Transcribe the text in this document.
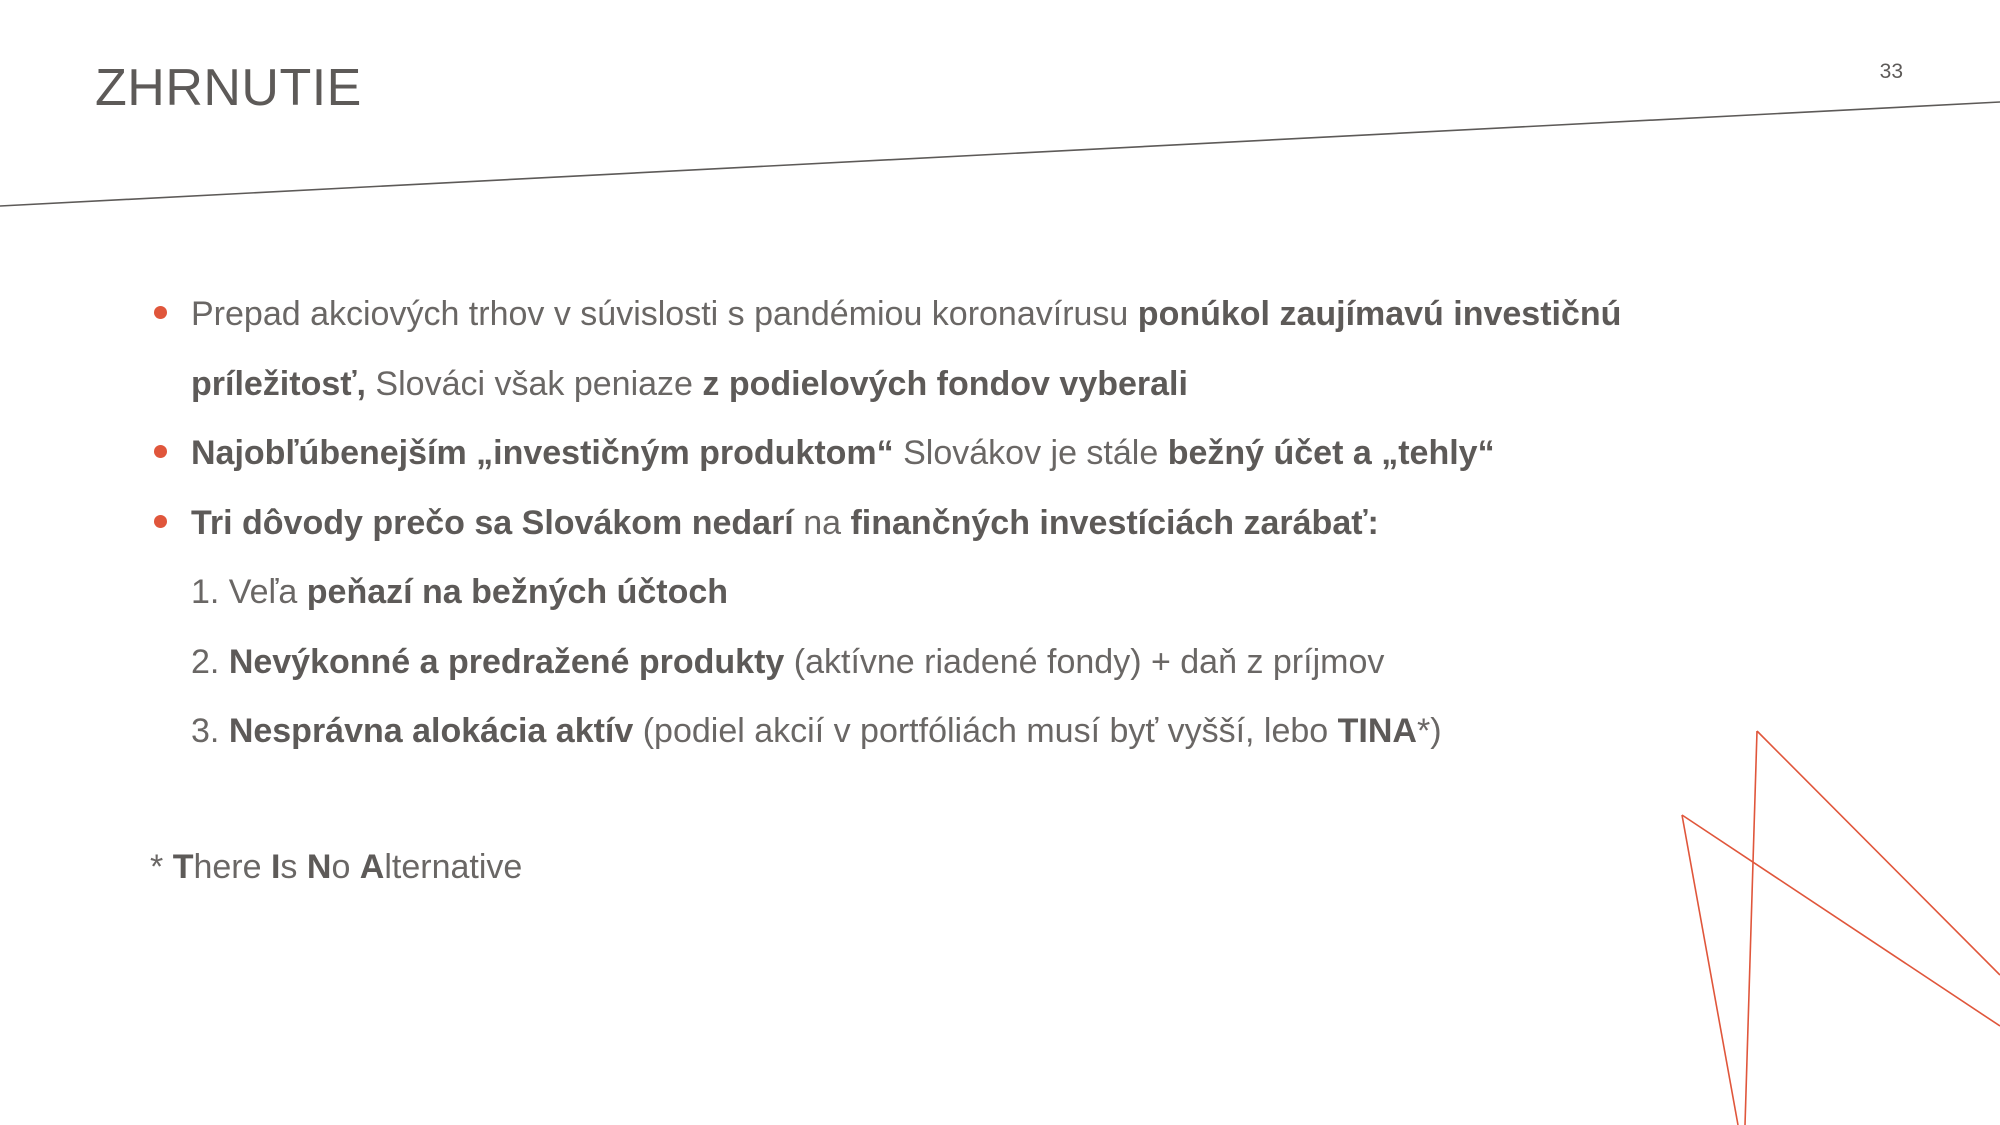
ZHRNUTIE	33

Prepad akciových trhov v súvislosti s pandémiou koronavírusu ponúkol zaujímavú investičnú príležitosť, Slováci však peniaze z podielových fondov vyberali

Najobľúbenejším „investičným produktom“ Slovákov je stále bežný účet a „tehly“

Tri dôvody prečo sa Slovákom nedarí na finančných investíciách zarábať:

1. Veľa peňazí na bežných účtoch

2. Nevýkonné a predražené produkty (aktívne riadené fondy) + daň z príjmov

3. Nesprávna alokácia aktív (podiel akcií v portfóliách musí byť vyšší, lebo TINA*)

* There Is No Alternative
